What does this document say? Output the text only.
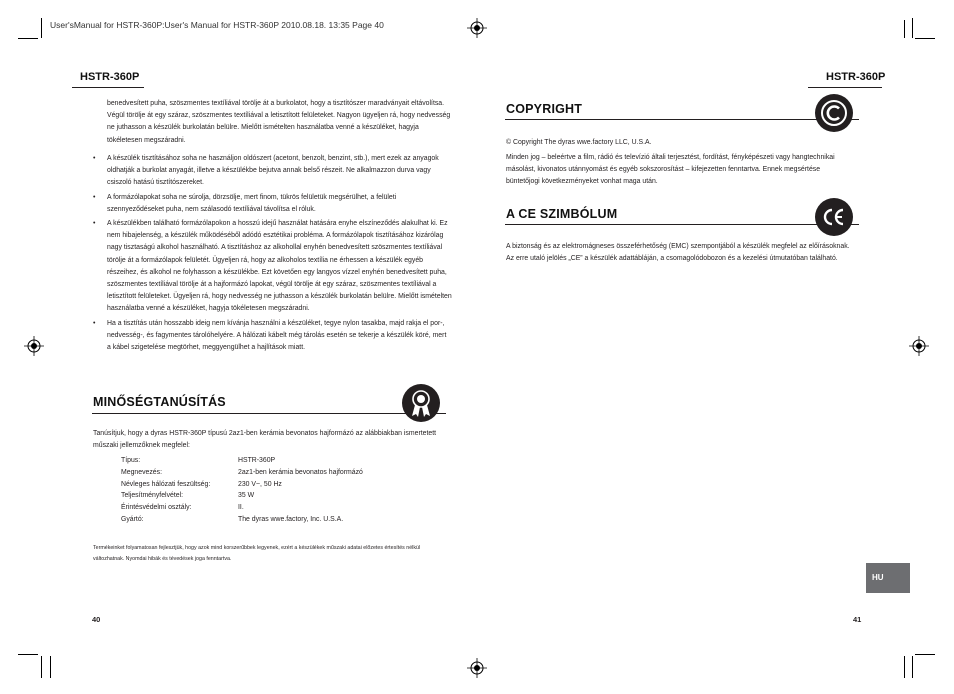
User'sManual for HSTR-360P:User's Manual for HSTR-360P 2010.08.18. 13:35 Page 40
HSTR-360P
benedvesített puha, szöszmentes textíliával törölje át a burkolatot, hogy a tisztítószer maradványait eltávolítsa. Végül törölje át egy száraz, szöszmentes textíliával a letisztított felületeket. Nagyon ügyeljen rá, hogy nedvesség ne juthasson a készülék burkolatán belülre. Mielőtt ismételten használatba venné a készüléket, hagyja tökéletesen megszáradni.
• A készülék tisztításához soha ne használjon oldószert (acetont, benzolt, benzint, stb.), mert ezek az anyagok oldhatják a burkolat anyagát, illetve a készülékbe bejutva annak belső részeit. Ne alkalmazzon durva vagy csiszoló hatású tisztítószereket.
• A formázólapokat soha ne súrolja, dörzsölje, mert finom, tükrös felületük megsérülhet, a felületi szennyeződéseket puha, nem szálasodó textíliával távolítsa el róluk.
• A készülékben található formázólapokon a hosszú idejű használat hatására enyhe elszíneződés alakulhat ki. Ez nem hibajelenség, a készülék működéséből adódó esztétikai probléma. A formázólapok tisztításához kizárólag nagy tisztaságú alkohol használható. A tisztításhoz az alkohollal enyhén benedvesített szöszmentes textíliával törölje át a formázólapok felületét. Ügyeljen rá, hogy az alkoholos textília ne érhessen a készülék egyéb részeihez, és alkohol ne folyhasson a készülékbe. Ezt követően egy langyos vízzel enyhén benedvesített puha, szöszmentes textíliával törölje át a hajformázó lapokat, végül törölje át egy száraz, szöszmentes textíliával a letisztított felületeket. Ügyeljen rá, hogy nedvesség ne juthasson a készülék burkolatán belülre. Mielőtt ismételten használatba venné a készüléket, hagyja tökéletesen megszáradni.
• Ha a tisztítás után hosszabb ideig nem kívánja használni a készüléket, tegye nylon tasakba, majd rakja el por-, nedvesség-, és fagymentes tárolóhelyére. A hálózati kábelt még tárolás esetén se tekerje a készülék köré, mert a kábel szigetelése megtörhet, meggyengülhet a hajlítások miatt.
MINŐSÉGTANÚSÍTÁS
Tanúsítjuk, hogy a dyras HSTR-360P típusú 2az1-ben kerámia bevonatos hajformázó az alábbiakban ismertetett műszaki jellemzőknek megfelel:
Típus:	HSTR-360P
Megnevezés:	2az1-ben kerámia bevonatos hajformázó
Névleges hálózati feszültség:	230 V~, 50 Hz
Teljesítményfelvétel:	35 W
Érintésvédelmi osztály:	II.
Gyártó:	The dyras wwe.factory, Inc. U.S.A.
Termékeinket folyamatosan fejlesztjük, hogy azok mind korszerűbbek legyenek, ezért a készülékek műszaki adatai előzetes értesítés nélkül változhatnak. Nyomdai hibák és tévedések joga fenntartva.
40
HSTR-360P
COPYRIGHT
© Copyright The dyras wwe.factory LLC, U.S.A.
Minden jog – beleértve a film, rádió és televízió általi terjesztést, fordítást, fényképészeti vagy hangtechnikai másolást, kivonatos utánnyomást és egyéb sokszorosítást – kifejezetten fenntartva. Ennek megsértése büntetőjogi következményeket vonhat maga után.
A CE SZIMBÓLUM
A biztonság és az elektromágneses összeférhetőség (EMC) szempontjából a készülék megfelel az előírásoknak. Az erre utaló jelölés „CE” a készülék adattábláján, a csomagolódobozon és a kezelési útmutatóban található.
HU
41
